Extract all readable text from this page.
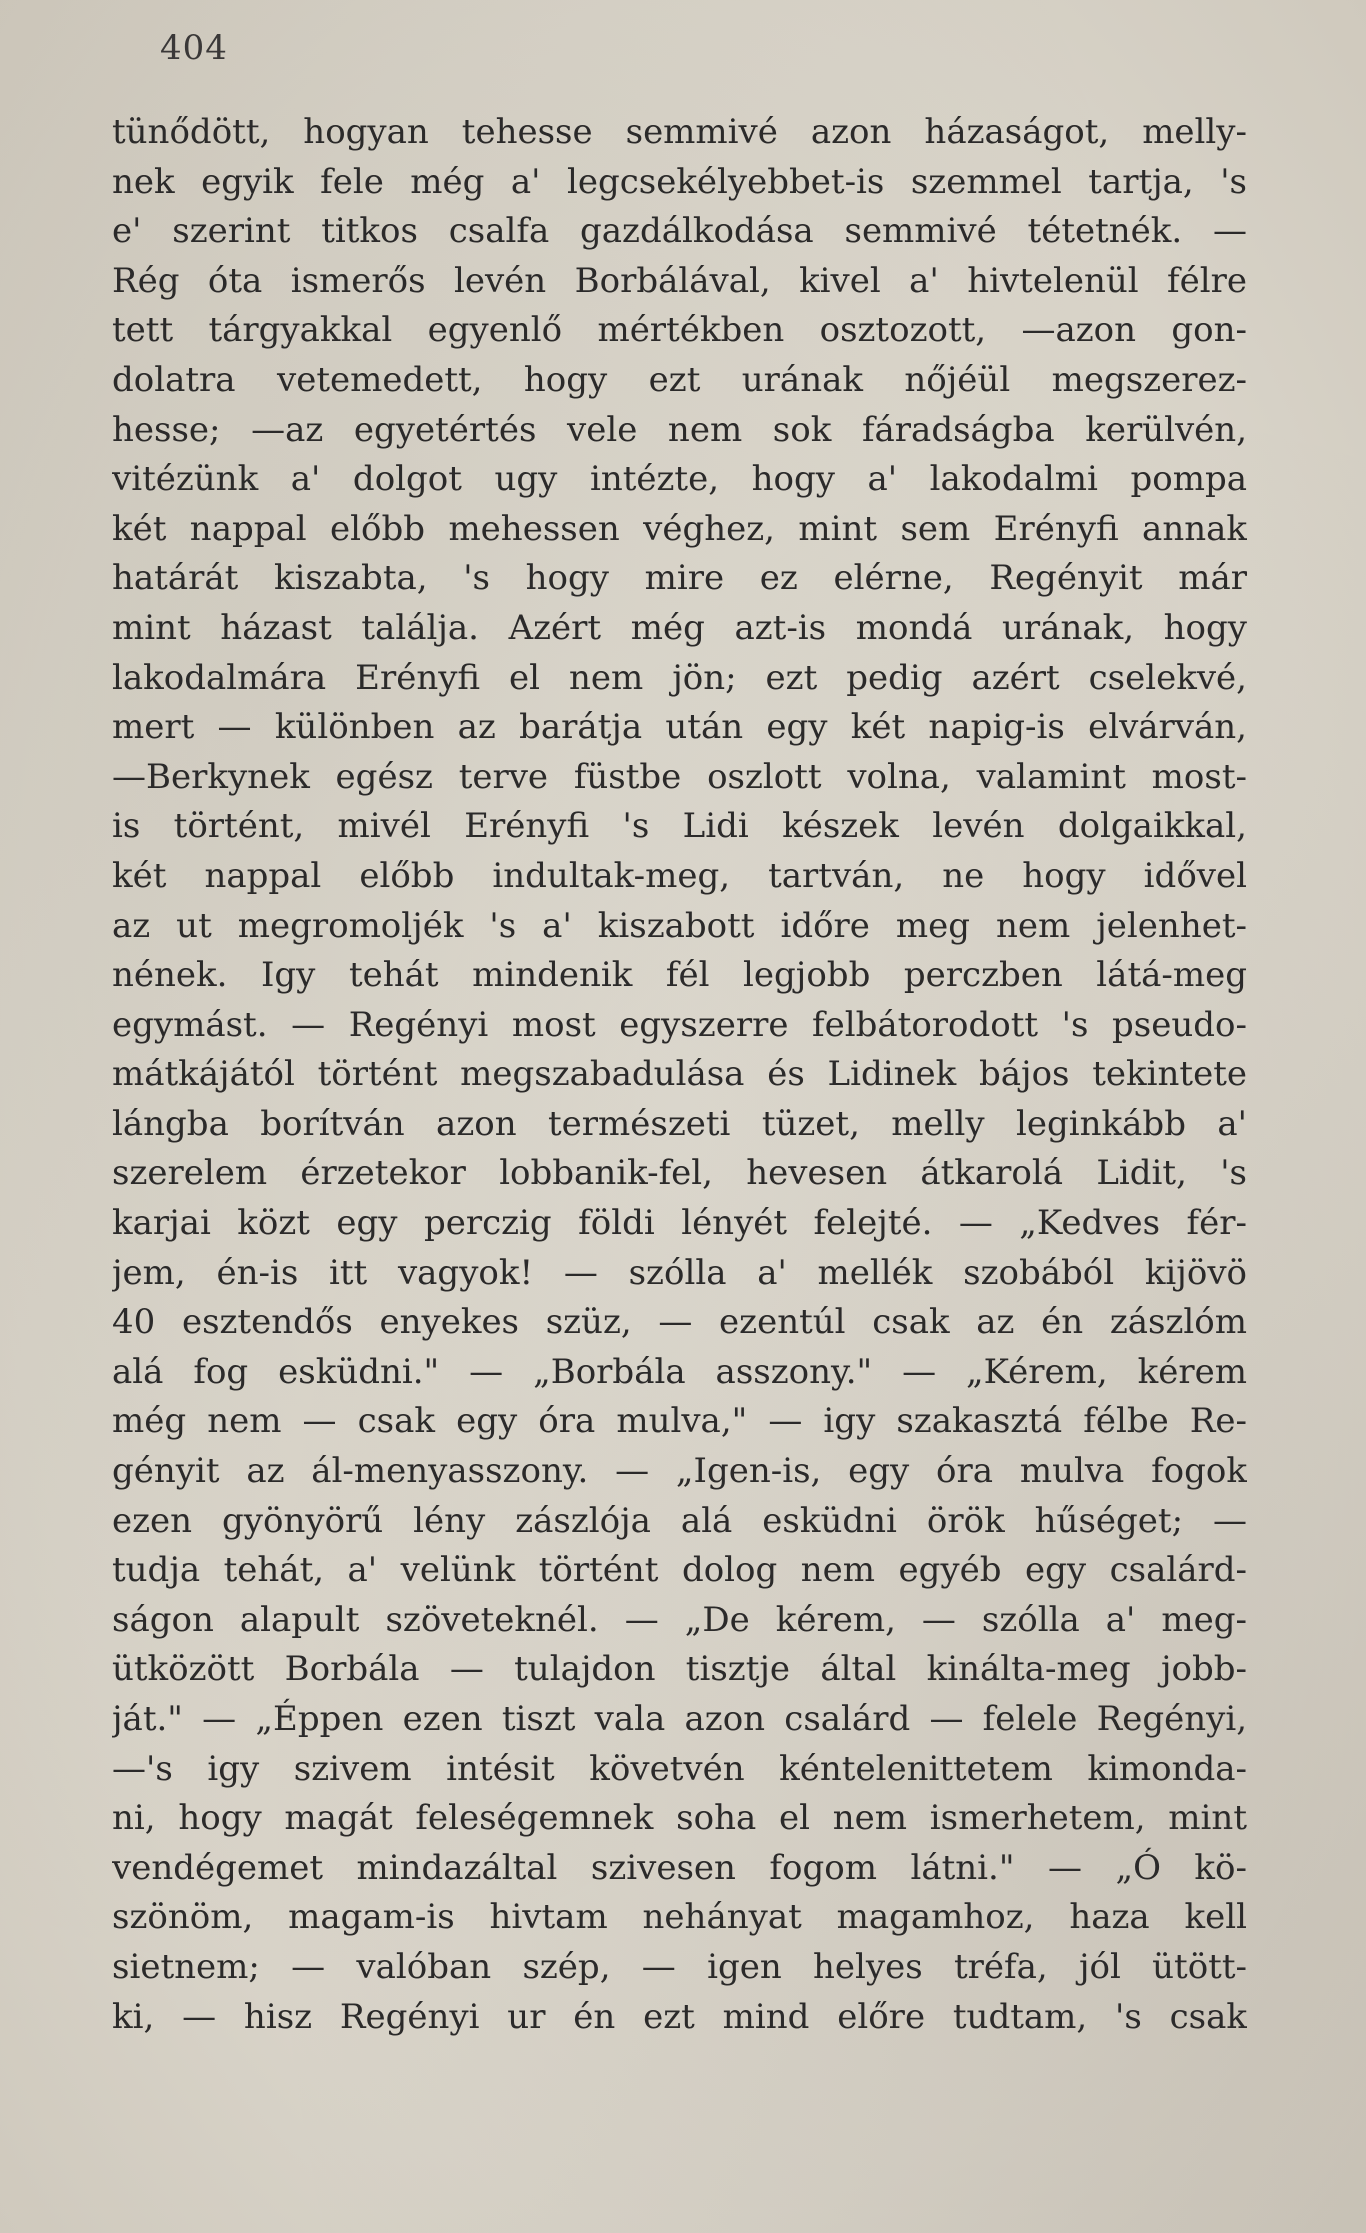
404
tünődött, hogyan tehesse semmivé azon házaságot, melly-
nek egyik fele még a' legcsekélyebbet-is szemmel tartja, 's
e' szerint titkos csalfa gazdálkodása semmivé tétetnék. —
Rég óta ismerős levén Borbálával, kivel a' hivtelenül félre
tett tárgyakkal egyenlő mértékben osztozott, —azon gon-
dolatra vetemedett, hogy ezt urának nőjéül megszerez-
hesse; —az egyetértés vele nem sok fáradságba kerülvén,
vitézünk a' dolgot ugy intézte, hogy a' lakodalmi pompa
két nappal előbb mehessen véghez, mint sem Erényfi annak
határát kiszabta, 's hogy mire ez elérne, Regényit már
mint házast találja. Azért még azt-is mondá urának, hogy
lakodalmára Erényfi el nem jön; ezt pedig azért cselekvé,
mert — különben az barátja után egy két napig-is elvárván,
—Berkynek egész terve füstbe oszlott volna, valamint most-
is történt, mivél Erényfi 's Lidi készek levén dolgaikkal,
két nappal előbb indultak-meg, tartván, ne hogy idővel
az ut megromoljék 's a' kiszabott időre meg nem jelenhet-
nének. Igy tehát mindenik fél legjobb perczben látá-meg
egymást. — Regényi most egyszerre felbátorodott 's pseudo-
mátkájától történt megszabadulása és Lidinek bájos tekintete
lángba borítván azon természeti tüzet, melly leginkább a'
szerelem érzetekor lobbanik-fel, hevesen átkarolá Lidit, 's
karjai közt egy perczig földi lényét felejté. — „Kedves fér-
jem, én-is itt vagyok! — szólla a' mellék szobából kijövö
40 esztendős enyekes szüz, — ezentúl csak az én zászlóm
alá fog esküdni." — „Borbála asszony." — „Kérem, kérem
még nem — csak egy óra mulva," — igy szakasztá félbe Re-
gényit az ál-menyasszony. — „Igen-is, egy óra mulva fogok
ezen gyönyörű lény zászlója alá esküdni örök hűséget; —
tudja tehát, a' velünk történt dolog nem egyéb egy csalárd-
ságon alapult szöveteknél. — „De kérem, — szólla a' meg-
ütközött Borbála — tulajdon tisztje által kinálta-meg jobb-
ját." — „Éppen ezen tiszt vala azon csalárd — felele Regényi,
—'s igy szivem intésit követvén kéntelenittetem kimonda-
ni, hogy magát feleségemnek soha el nem ismerhetem, mint
vendégemet mindazáltal szivesen fogom látni." — „Ó kö-
szönöm, magam-is hivtam nehányat magamhoz, haza kell
sietnem; — valóban szép, — igen helyes tréfa, jól ütött-
ki, — hisz Regényi ur én ezt mind előre tudtam, 's csak
